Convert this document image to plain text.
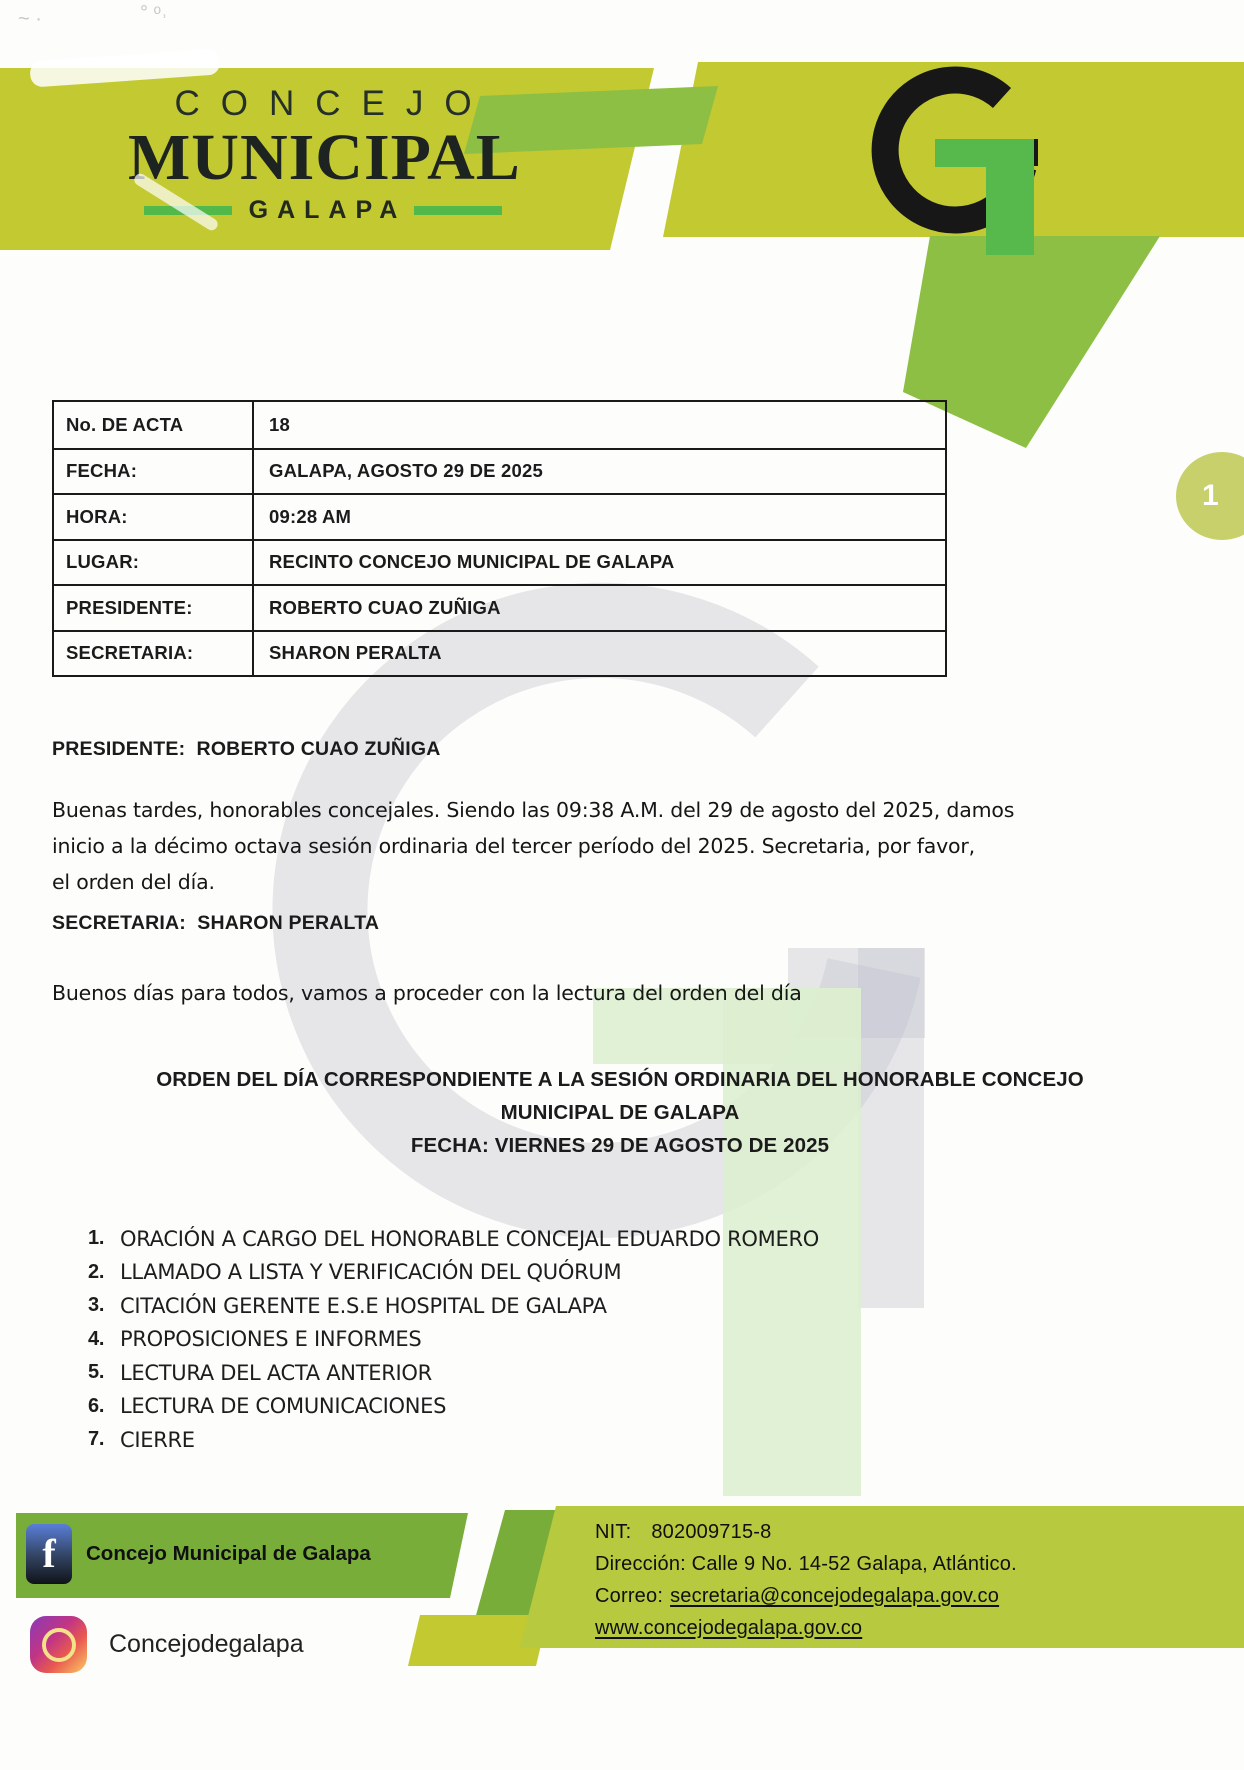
CONCEJO
MUNICIPAL
GALAPA
~ ·	° ᵒ˒
1
No. DE ACTA	18
FECHA:	GALAPA, AGOSTO 29 DE 2025
HORA:	09:28 AM
LUGAR:	RECINTO CONCEJO MUNICIPAL DE GALAPA
PRESIDENTE:	ROBERTO CUAO ZUÑIGA
SECRETARIA:	SHARON PERALTA
PRESIDENTE:  ROBERTO CUAO ZUÑIGA
Buenas tardes, honorables concejales. Siendo las 09:38 A.M. del 29 de agosto del 2025, damos
inicio a la décimo octava sesión ordinaria del tercer período del 2025. Secretaria, por favor,
el orden del día.
SECRETARIA:  SHARON PERALTA
Buenos días para todos, vamos a proceder con la lectura del orden del día
ORDEN DEL DÍA CORRESPONDIENTE A LA SESIÓN ORDINARIA DEL HONORABLE CONCEJO
MUNICIPAL DE GALAPA
FECHA: VIERNES 29 DE AGOSTO DE 2025
1. ORACIÓN A CARGO DEL HONORABLE CONCEJAL EDUARDO ROMERO
2. LLAMADO A LISTA Y VERIFICACIÓN DEL QUÓRUM
3. CITACIÓN GERENTE E.S.E HOSPITAL DE GALAPA
4. PROPOSICIONES E INFORMES
5. LECTURA DEL ACTA ANTERIOR
6. LECTURA DE COMUNICACIONES
7. CIERRE
f Concejo Municipal de Galapa
Concejodegalapa
NIT: 802009715-8
Dirección: Calle 9 No. 14-52 Galapa, Atlántico.
Correo: secretaria@concejodegalapa.gov.co
www.concejodegalapa.gov.co
